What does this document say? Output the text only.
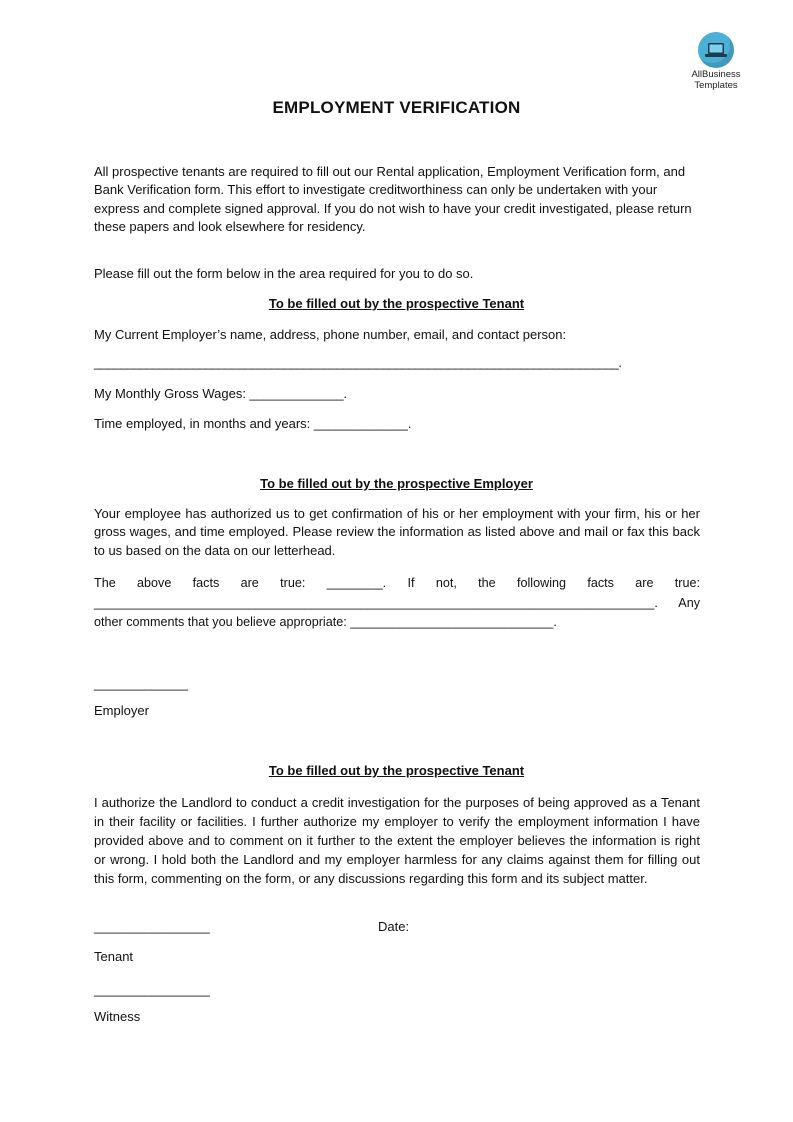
AllBusiness
Templates
EMPLOYMENT VERIFICATION

All prospective tenants are required to fill out our Rental application, Employment Verification form, and Bank Verification form. This effort to investigate creditworthiness can only be undertaken with your express and complete signed approval. If you do not wish to have your credit investigated, please return these papers and look elsewhere for residency.

Please fill out the form below in the area required for you to do so.

To be filled out by the prospective Tenant

My Current Employer’s name, address, phone number, email, and contact person:

________________________________________________________________________________.
My Monthly Gross Wages: _____________.
Time employed, in months and years: _____________.
To be filled out by the prospective Employer

Your employee has authorized us to get confirmation of his or her employment with your firm, his or her gross wages, and time employed. Please review the information as listed above and mail or fax this back to us based on the data on our letterhead.

The above facts are true: ________. If not, the following facts are true: ________________________________________________________________________________. Any other comments that you believe appropriate: _____________________________.

_____________
Employer
To be filled out by the prospective Tenant

I authorize the Landlord to conduct a credit investigation for the purposes of being approved as a Tenant in their facility or facilities. I further authorize my employer to verify the employment information I have provided above and to comment on it further to the extent the employer believes the information is right or wrong. I hold both the Landlord and my employer harmless for any claims against them for filling out this form, commenting on the form, or any discussions regarding this form and its subject matter.

________________	Date:
Tenant
________________
Witness
